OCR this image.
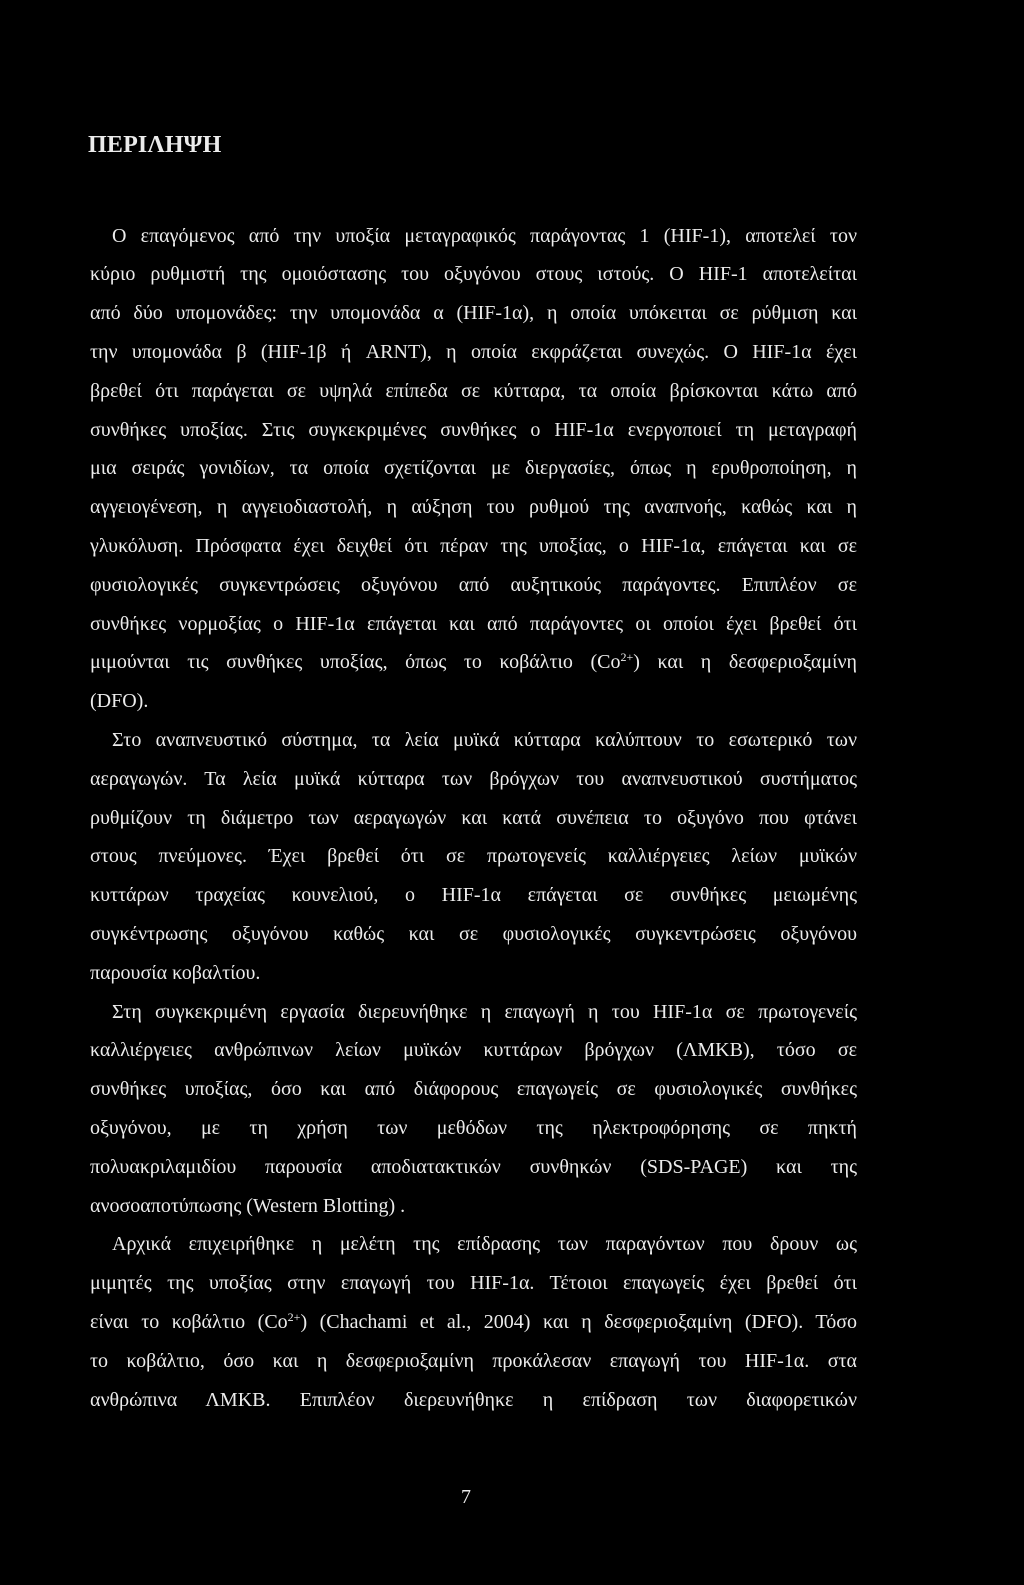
ΠΕΡΙΛΗΨΗ
Ο επαγόμενος από την υποξία μεταγραφικός παράγοντας 1 (HIF-1), αποτελεί τον
κύριο ρυθμιστή της ομοιόστασης του οξυγόνου στους ιστούς. Ο HIF-1 αποτελείται
από δύο υπομονάδες: την υπομονάδα α (HIF-1α), η οποία υπόκειται σε ρύθμιση και
την υπομονάδα β (HIF-1β ή ARNT), η οποία εκφράζεται συνεχώς. Ο HIF-1α έχει
βρεθεί ότι παράγεται σε υψηλά επίπεδα σε κύτταρα, τα οποία βρίσκονται κάτω από
συνθήκες υποξίας. Στις συγκεκριμένες συνθήκες ο HIF-1α ενεργοποιεί τη μεταγραφή
μια σειράς γονιδίων, τα οποία σχετίζονται με διεργασίες, όπως η ερυθροποίηση, η
αγγειογένεση, η αγγειοδιαστολή, η αύξηση του ρυθμού της αναπνοής, καθώς και η
γλυκόλυση. Πρόσφατα έχει δειχθεί ότι πέραν της υποξίας, ο HIF-1α, επάγεται και σε
φυσιολογικές συγκεντρώσεις οξυγόνου από αυξητικούς παράγοντες. Επιπλέον σε
συνθήκες νορμοξίας ο HIF-1α επάγεται και από παράγοντες οι οποίοι έχει βρεθεί ότι
μιμούνται τις συνθήκες υποξίας, όπως το κοβάλτιο $(Co^{2+})$ και η δεσφεριοξαμίνη
(DFO).
Στο αναπνευστικό σύστημα, τα λεία μυϊκά κύτταρα καλύπτουν το εσωτερικό των
αεραγωγών. Τα λεία μυϊκά κύτταρα των βρόγχων του αναπνευστικού συστήματος
ρυθμίζουν τη διάμετρο των αεραγωγών και κατά συνέπεια το οξυγόνο που φτάνει
στους πνεύμονες. Έχει βρεθεί ότι σε πρωτογενείς καλλιέργειες λείων μυϊκών
κυττάρων τραχείας κουνελιού, ο HIF-1α επάγεται σε συνθήκες μειωμένης
συγκέντρωσης οξυγόνου καθώς και σε φυσιολογικές συγκεντρώσεις οξυγόνου
παρουσία κοβαλτίου.
Στη συγκεκριμένη εργασία διερευνήθηκε η επαγωγή η του HIF-1α σε πρωτογενείς
καλλιέργειες ανθρώπινων λείων μυϊκών κυττάρων βρόγχων (ΛΜΚΒ), τόσο σε
συνθήκες υποξίας, όσο και από διάφορους επαγωγείς σε φυσιολογικές συνθήκες
οξυγόνου, με τη χρήση των μεθόδων της ηλεκτροφόρησης σε πηκτή
πολυακριλαμιδίου παρουσία αποδιατακτικών συνθηκών (SDS-PAGE) και της
ανοσοαποτύπωσης (Western Blotting) .
Αρχικά επιχειρήθηκε η μελέτη της επίδρασης των παραγόντων που δρουν ως
μιμητές της υποξίας στην επαγωγή του HIF-1α. Τέτοιοι επαγωγείς έχει βρεθεί ότι
είναι το κοβάλτιο $(Co^{2+})$ (Chachami et al., 2004) και η δεσφεριοξαμίνη (DFO). Τόσο
το κοβάλτιο, όσο και η δεσφεριοξαμίνη προκάλεσαν επαγωγή του HIF-1α. στα
ανθρώπινα ΛΜΚΒ. Επιπλέον διερευνήθηκε η επίδραση των διαφορετικών
7
